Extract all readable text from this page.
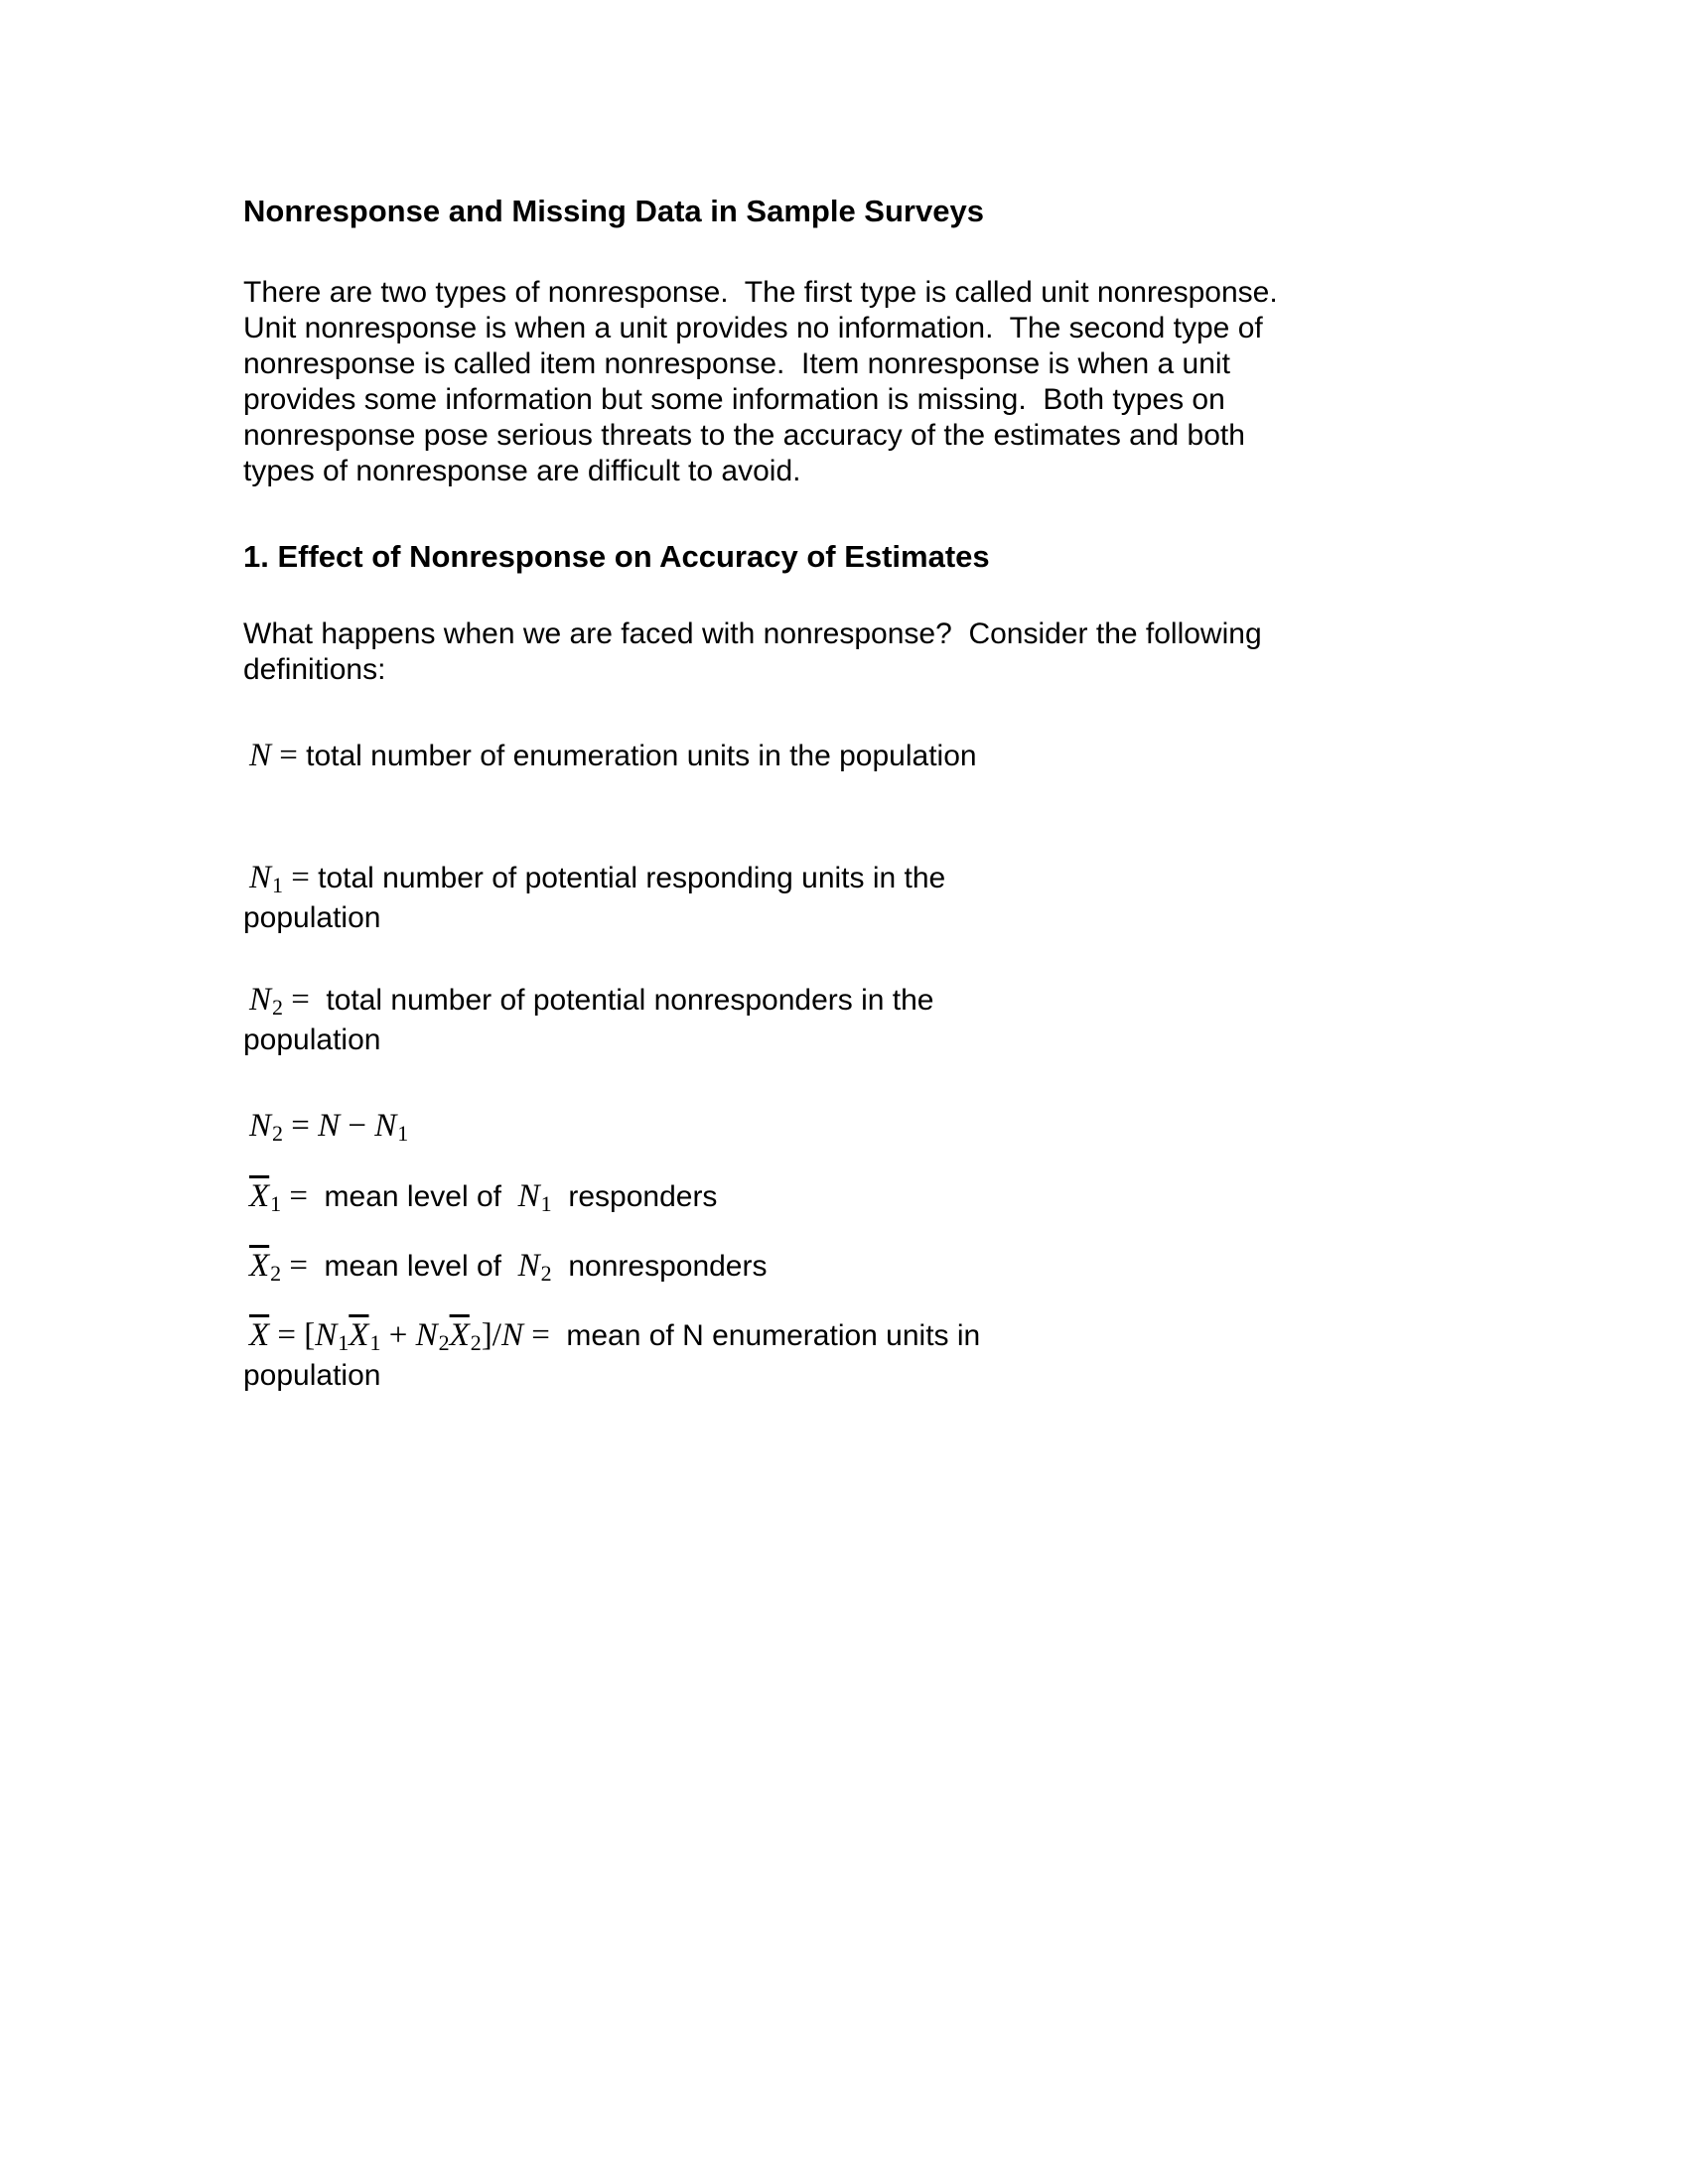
Nonresponse and Missing Data in Sample Surveys
There are two types of nonresponse.  The first type is called unit nonresponse.
Unit nonresponse is when a unit provides no information.  The second type of
nonresponse is called item nonresponse.  Item nonresponse is when a unit
provides some information but some information is missing.  Both types on
nonresponse pose serious threats to the accuracy of the estimates and both
types of nonresponse are difficult to avoid.
1. Effect of Nonresponse on Accuracy of Estimates
What happens when we are faced with nonresponse?  Consider the following
definitions:
N = total number of enumeration units in the population
N1 = total number of potential responding units in the
population
N2 =  total number of potential nonresponders in the
population
N2 = N − N1
$\overline{X}1$ =  mean level of  N1  responders
$\overline{X}2$ =  mean level of  N2  nonresponders
$\overline{X} = [N1\overline{X}1 + N2\overline{X}2]/N$ =  mean of N enumeration units in
population
